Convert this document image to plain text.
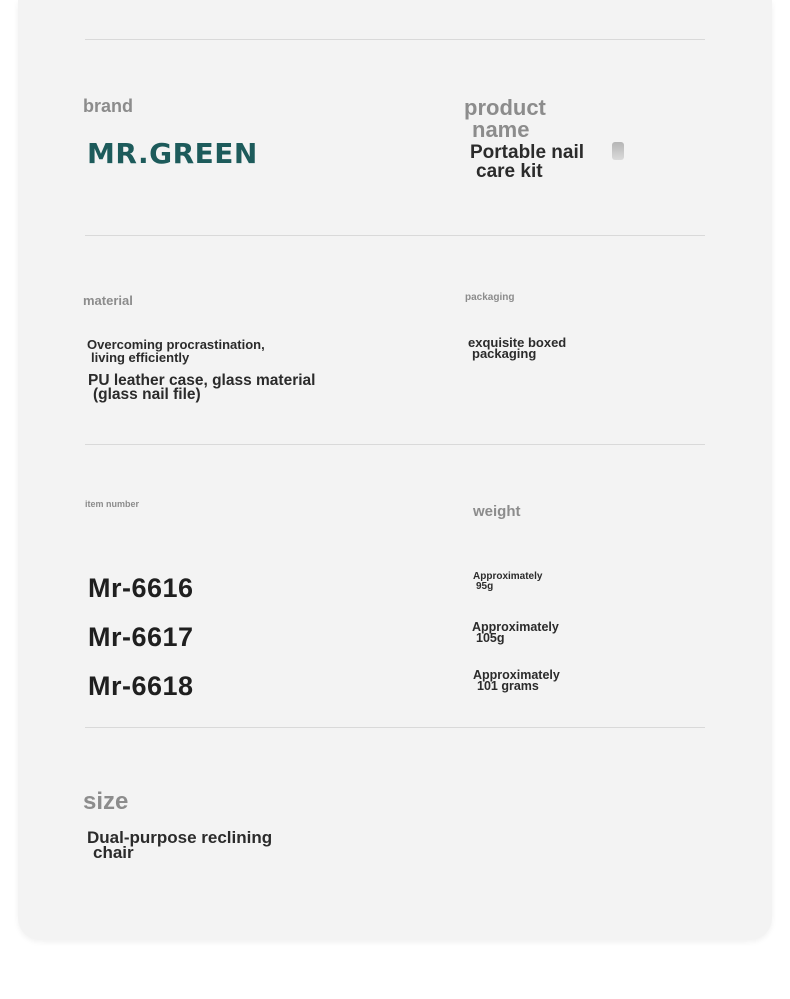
brand
MR.GREEN
product
name
Portable nail
care kit
material
Overcoming procrastination,
living efficiently
PU leather case, glass material
(glass nail file)
packaging
exquisite boxed
packaging
item number
Mr-6616
Mr-6617
Mr-6618
weight
Approximately
95g
Approximately
105g
Approximately
101 grams
size
Dual-purpose reclining
chair
